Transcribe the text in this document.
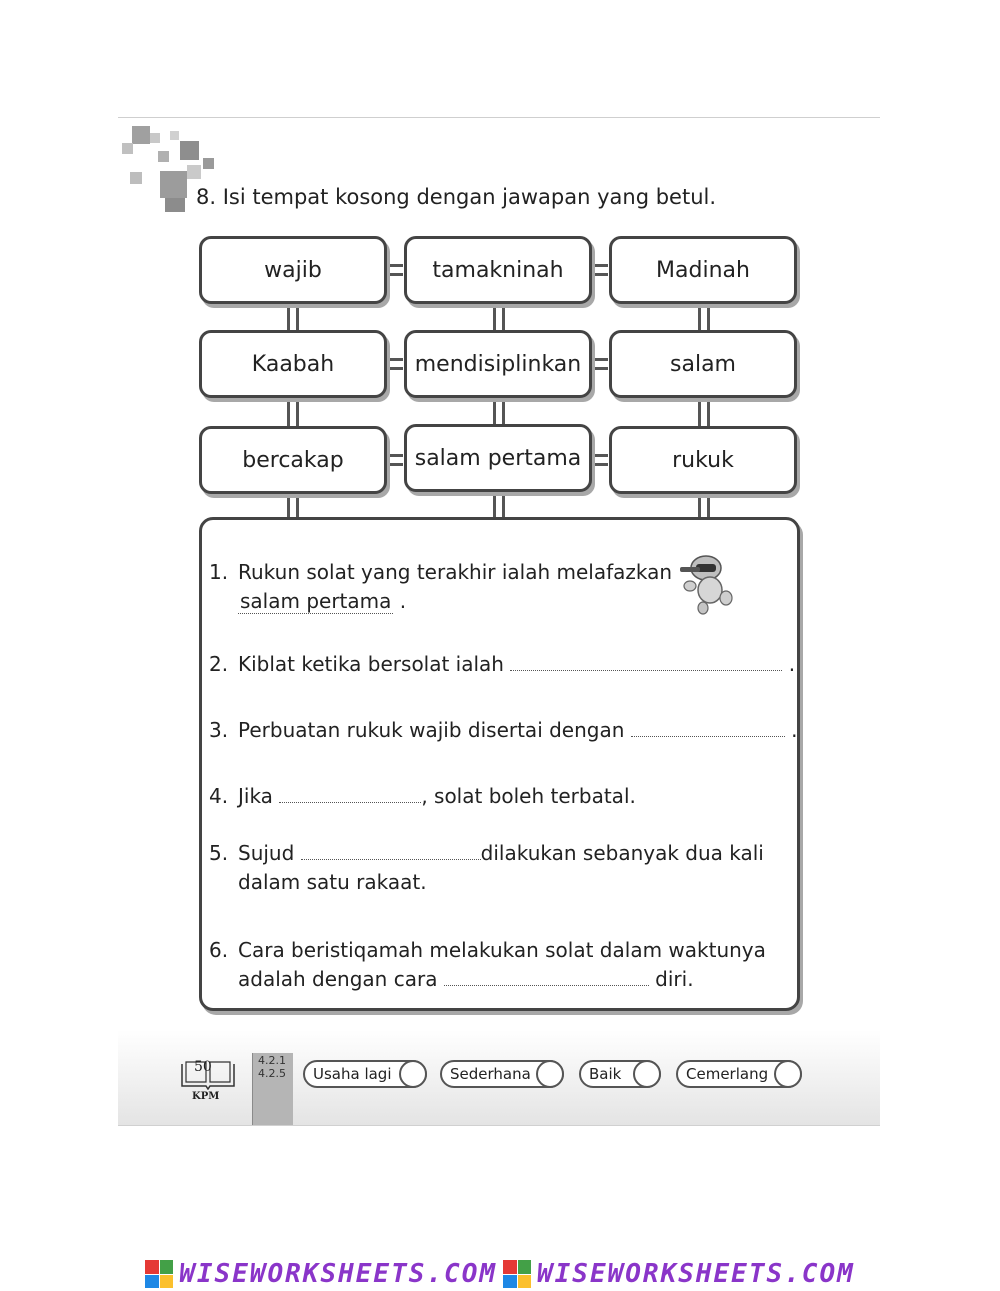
8. Isi tempat kosong dengan jawapan yang betul.
wajib	tamakninah	Madinah
Kaabah	mendisiplinkan	salam
bercakap	salam pertama	rukuk
1. Rukun solat yang terakhir ialah melafazkan
salam pertama .
2. Kiblat ketika bersolat ialah	.
3. Perbuatan rukuk wajib disertai dengan	.
4. Jika	, solat boleh terbatal.
5. Sujud	dilakukan sebanyak dua kali
dalam satu rakaat.
6. Cara beristiqamah melakukan solat dalam waktunya
adalah dengan cara	diri.
50
KPM
4.2.1
4.2.5 Usaha lagi	Sederhana	Baik	Cemerlang
WISEWORKSHEETS.COM WISEWORKSHEETS.COM
